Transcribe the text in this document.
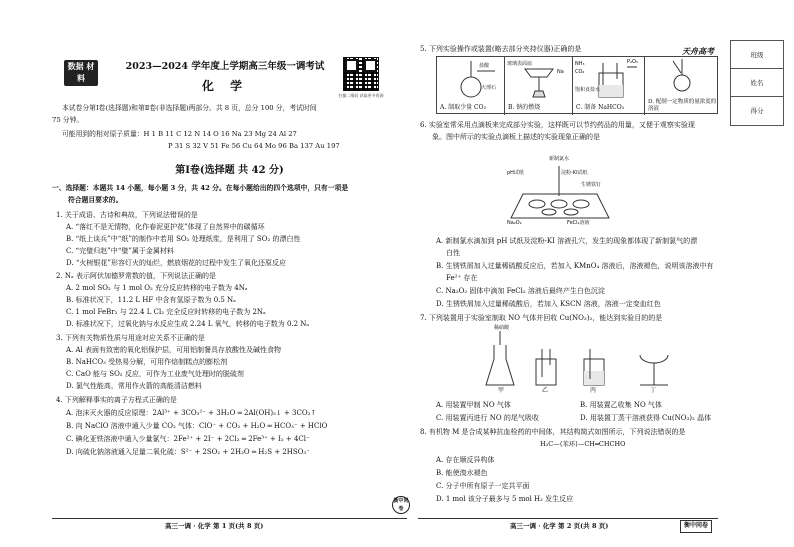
天舟高考	班级
姓名
得分
数据 材料
2023—2024 学年度上学期高三年级一调考试
化 学
扫描二维码 获取更多资源
本试卷分第Ⅰ卷(选择题)和第Ⅱ卷(非选择题)两部分。共 8 页，总分 100 分，考试时间
75 分钟。
可能用到的相对原子质量：H 1 B 11 C 12 N 14 O 16 Na 23 Mg 24 Al 27
P 31 S 32 V 51 Fe 56 Cu 64 Mo 96 Ba 137 Au 197
第Ⅰ卷(选择题 共 42 分)
一、选择题：本题共 14 小题，每小题 3 分，共 42 分。在每小题给出的四个选项中，只有一项是
符合题目要求的。
1. 关于成语、古诗和典故，下列说法错误的是
A. “落红不是无情物，化作春泥更护花”体现了自然界中的碳循环
B. “纸上谈兵”中“纸”的制作中若用 SO₂ 处理纸浆，是利用了 SO₂ 的漂白性
C. “完璧归赵”中“璧”属于金属材料
D. “火树银花”形容灯火的灿烂，燃放烟花的过程中发生了氧化还原反应
2. Nₐ 表示阿伏加德罗常数的值，下列说法正确的是
A. 2 mol SO₂ 与 1 mol O₂ 充分反应转移的电子数为 4Nₐ
B. 标准状况下，11.2 L HF 中含有氢原子数为 0.5 Nₐ
C. 1 mol FeBr₂ 与 22.4 L Cl₂ 完全反应时转移的电子数为 2Nₐ
D. 标准状况下，过氧化钠与水反应生成 2.24 L 氧气，转移的电子数为 0.2 Nₐ
3. 下列有关物质性质与用途对应关系不正确的是
A. Al 表面有致密的氧化铝保护层，可用铝制餐具存放酸性及碱性食物
B. NaHCO₃ 受热易分解，可用作焙制糕点的膨松剂
C. CaO 能与 SO₂ 反应，可作为工业废气处理时的脱硫剂
D. 氯气性能高，常用作火箭的高能清洁燃料
4. 下列解释事实的离子方程式正确的是
A. 泡沫灭火器的反应原理：2Al³⁺ + 3CO₃²⁻ + 3H₂O ═ 2Al(OH)₃↓ + 3CO₂↑
B. 向 NaClO 溶液中通入少量 CO₂ 气体：ClO⁻ + CO₂ + H₂O ═ HCO₃⁻ + HClO
C. 碘化亚铁溶液中通入少量氯气：2Fe²⁺ + 2I⁻ + 2Cl₂ ═ 2Fe³⁺ + I₂ + 4Cl⁻
D. 向硫化钠溶液通入足量二氧化硫：S²⁻ + 2SO₂ + 2H₂O ═ H₂S + 2HSO₃⁻
衡中同卷
高三一调 · 化学 第 1 页(共 8 页)
5. 下列实验操作或装置(略去部分夹持仪器)正确的是
盐酸
大理石
A. 制取少量 CO₂
玻璃表面皿
Na
B. 钠的燃烧
NH₃
CO₂
饱和食盐水
P₂O₅
C. 制备 NaHCO₃
D. 配制一定物质的量浓度的溶液
6. 实验室常采用点滴板来完成部分实验，这样既可以节约药品的用量，又便于观察实验现
象。图中所示的实验点滴板上描述的实验现象正确的是
新制氯水
pH试纸	淀粉-KI试纸
Na₂O₂	FeCl₂溶液
生锈铁钉
A. 新制氯水滴加到 pH 试纸及淀粉-KI 溶液孔穴，发生的现象都体现了新制氯气的漂
白性
B. 生锈铁屑加入过量稀硫酸反应后，若加入 KMnO₄ 溶液后，溶液褪色，说明该溶液中有
Fe²⁺ 存在
C. Na₂O₂ 固体中滴加 FeCl₂ 溶液后最终产生白色沉淀
D. 生锈铁屑加入过量稀硫酸后，若加入 KSCN 溶液，溶液一定变血红色
7. 下列装置用于实验室制取 NO 气体并回收 Cu(NO₃)₂，能达到实验目的的是
稀硝酸
甲	乙	丙	丁
A. 用装置甲制 NO 气体	B. 用装置乙收集 NO 气体
C. 用装置丙进行 NO 的尾气吸收	D. 用装置丁蒸干溶液获得 Cu(NO₃)₂ 晶体
8. 有机物 M 是合成某种抗血栓药的中间体，其结构简式如图所示，下列说法错误的是
H₃C—⟨苯环⟩—CH═CHCHO
A. 存在顺反异构体
B. 能使溴水褪色
C. 分子中所有原子一定共平面
D. 1 mol 该分子最多与 5 mol H₂ 发生反应
高三一调 · 化学 第 2 页(共 8 页)	衡中同卷
